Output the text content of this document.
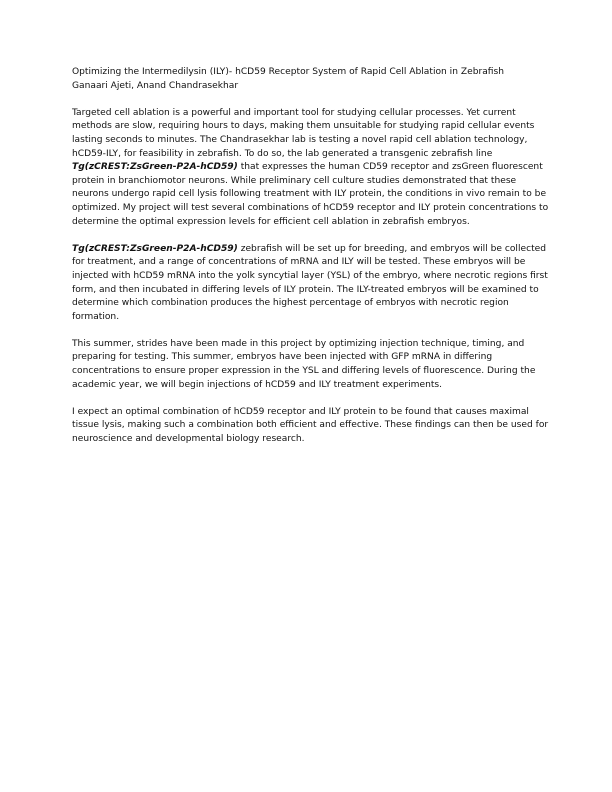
Optimizing the Intermedilysin (ILY)- hCD59 Receptor System of Rapid Cell Ablation in Zebrafish
Ganaari Ajeti, Anand Chandrasekhar

Targeted cell ablation is a powerful and important tool for studying cellular processes. Yet current methods are slow, requiring hours to days, making them unsuitable for studying rapid cellular events lasting seconds to minutes. The Chandrasekhar lab is testing a novel rapid cell ablation technology, hCD59-ILY, for feasibility in zebrafish. To do so, the lab generated a transgenic zebrafish line Tg(zCREST:ZsGreen-P2A-hCD59) that expresses the human CD59 receptor and zsGreen fluorescent protein in branchiomotor neurons. While preliminary cell culture studies demonstrated that these neurons undergo rapid cell lysis following treatment with ILY protein, the conditions in vivo remain to be optimized. My project will test several combinations of hCD59 receptor and ILY protein concentrations to determine the optimal expression levels for efficient cell ablation in zebrafish embryos.

Tg(zCREST:ZsGreen-P2A-hCD59) zebrafish will be set up for breeding, and embryos will be collected for treatment, and a range of concentrations of mRNA and ILY will be tested. These embryos will be injected with hCD59 mRNA into the yolk syncytial layer (YSL) of the embryo, where necrotic regions first form, and then incubated in differing levels of ILY protein. The ILY-treated embryos will be examined to determine which combination produces the highest percentage of embryos with necrotic region formation.

This summer, strides have been made in this project by optimizing injection technique, timing, and preparing for testing. This summer, embryos have been injected with GFP mRNA in differing concentrations to ensure proper expression in the YSL and differing levels of fluorescence. During the academic year, we will begin injections of hCD59 and ILY treatment experiments.

I expect an optimal combination of hCD59 receptor and ILY protein to be found that causes maximal tissue lysis, making such a combination both efficient and effective. These findings can then be used for neuroscience and developmental biology research.
